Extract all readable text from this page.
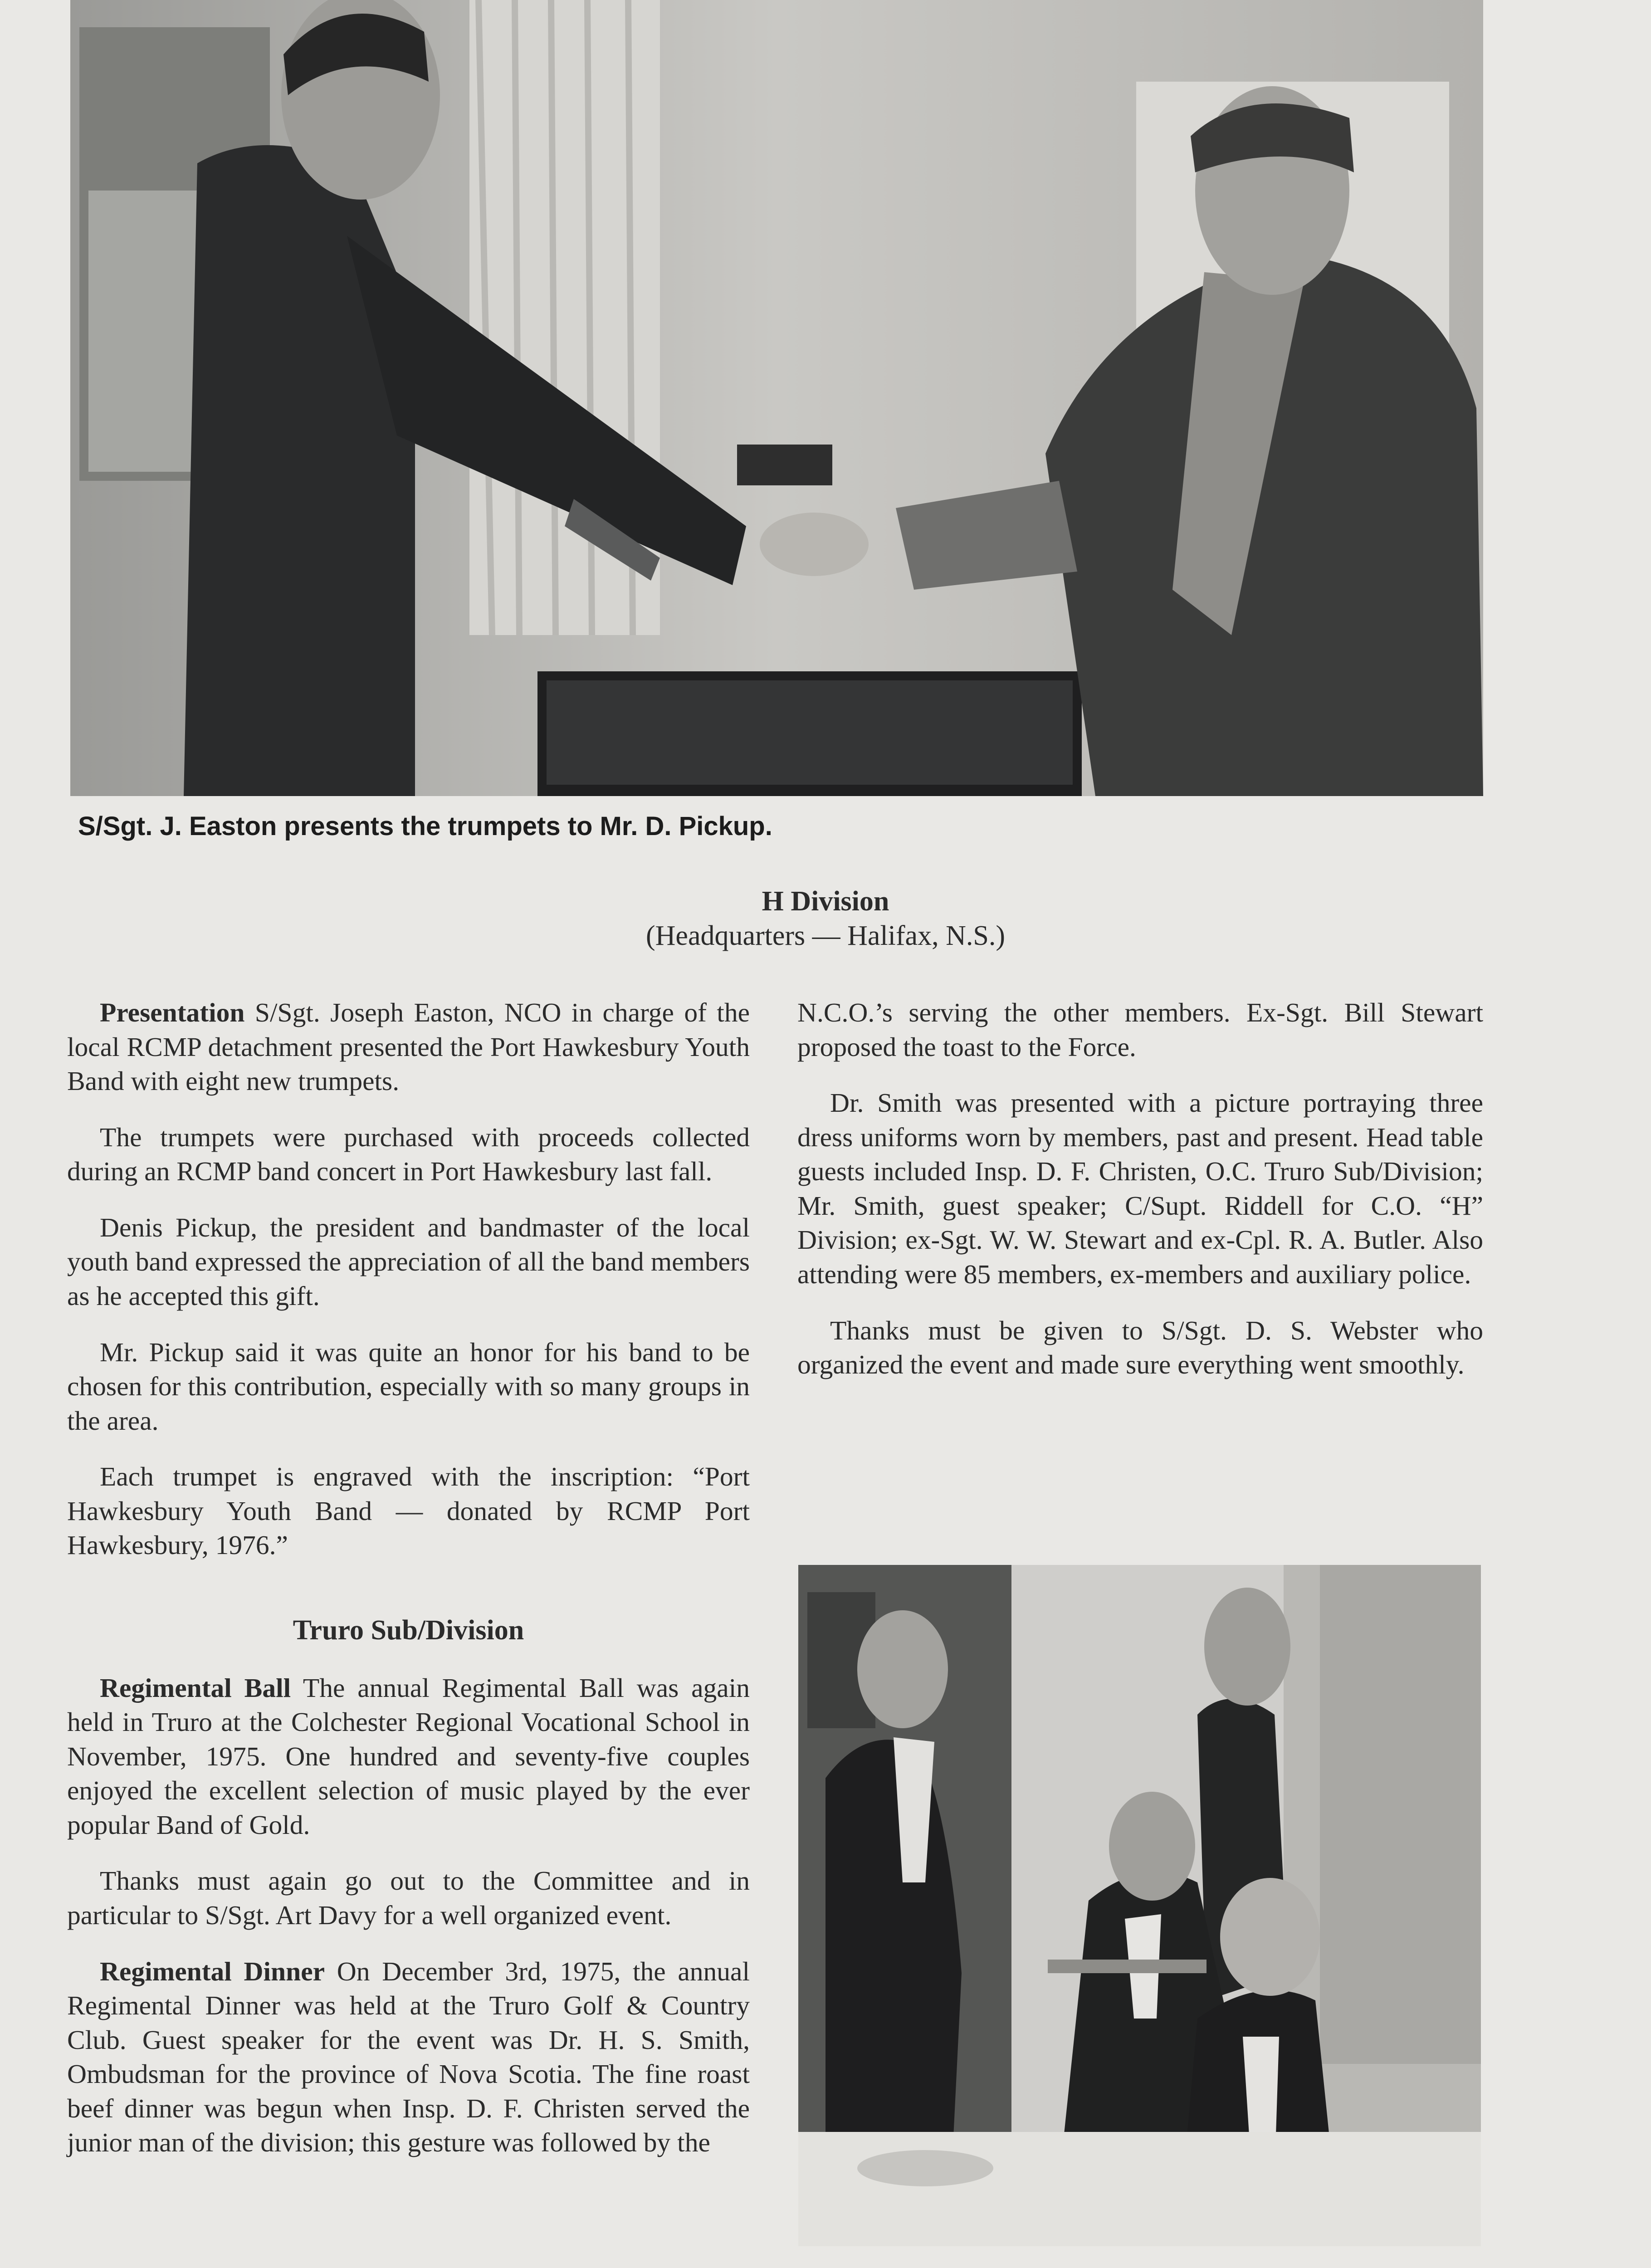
S/Sgt. J. Easton presents the trumpets to Mr. D. Pickup.
H Division
(Headquarters — Halifax, N.S.)

Presentation S/Sgt. Joseph Easton, NCO in charge of the local RCMP detachment presented the Port Hawkesbury Youth Band with eight new trumpets.

The trumpets were purchased with proceeds collected during an RCMP band concert in Port Hawkesbury last fall.

Denis Pickup, the president and bandmaster of the local youth band expressed the appreciation of all the band members as he accepted this gift.

Mr. Pickup said it was quite an honor for his band to be chosen for this contribution, especially with so many groups in the area.

Each trumpet is engraved with the inscription: “Port Hawkesbury Youth Band — donated by RCMP Port Hawkesbury, 1976.”

Truro Sub/Division

Regimental Ball The annual Regimental Ball was again held in Truro at the Colchester Regional Vocational School in November, 1975. One hundred and seventy-five couples enjoyed the excellent selection of music played by the ever popular Band of Gold.

Thanks must again go out to the Committee and in particular to S/Sgt. Art Davy for a well organized event.

Regimental Dinner On December 3rd, 1975, the annual Regimental Dinner was held at the Truro Golf & Country Club. Guest speaker for the event was Dr. H. S. Smith, Ombudsman for the province of Nova Scotia. The fine roast beef dinner was begun when Insp. D. F. Christen served the junior man of the division; this gesture was followed by the

N.C.O.’s serving the other members. Ex-Sgt. Bill Stewart proposed the toast to the Force.

Dr. Smith was presented with a picture portraying three dress uniforms worn by members, past and present. Head table guests included Insp. D. F. Christen, O.C. Truro Sub/Division; Mr. Smith, guest speaker; C/Supt. Riddell for C.O. “H” Division; ex-Sgt. W. W. Stewart and ex-Cpl. R. A. Butler. Also attending were 85 members, ex-members and auxiliary police.

Thanks must be given to S/Sgt. D. S. Webster who organized the event and made sure everything went smoothly.
